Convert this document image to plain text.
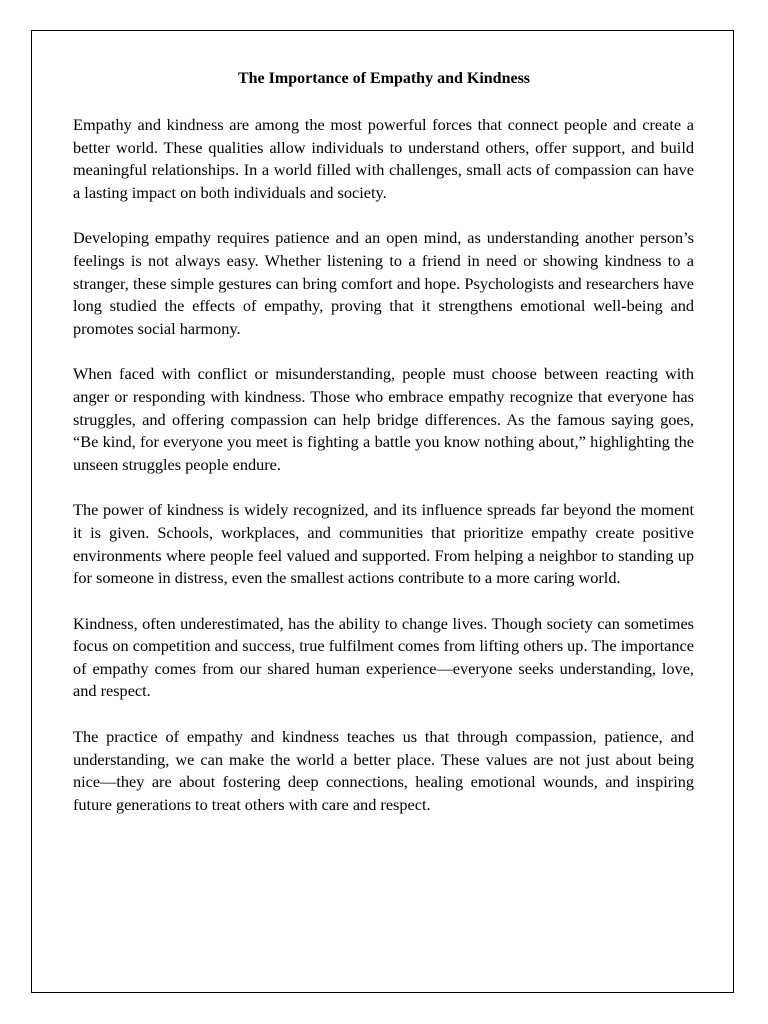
The Importance of Empathy and Kindness

Empathy and kindness are among the most powerful forces that connect people and create a better world. These qualities allow individuals to understand others, offer support, and build meaningful relationships. In a world filled with challenges, small acts of compassion can have a lasting impact on both individuals and society.

Developing empathy requires patience and an open mind, as understanding another person’s feelings is not always easy. Whether listening to a friend in need or showing kindness to a stranger, these simple gestures can bring comfort and hope. Psychologists and researchers have long studied the effects of empathy, proving that it strengthens emotional well-being and promotes social harmony.

When faced with conflict or misunderstanding, people must choose between reacting with anger or responding with kindness. Those who embrace empathy recognize that everyone has struggles, and offering compassion can help bridge differences. As the famous saying goes, “Be kind, for everyone you meet is fighting a battle you know nothing about,” highlighting the unseen struggles people endure.

The power of kindness is widely recognized, and its influence spreads far beyond the moment it is given. Schools, workplaces, and communities that prioritize empathy create positive environments where people feel valued and supported. From helping a neighbor to standing up for someone in distress, even the smallest actions contribute to a more caring world.

Kindness, often underestimated, has the ability to change lives. Though society can sometimes focus on competition and success, true fulfilment comes from lifting others up. The importance of empathy comes from our shared human experience—everyone seeks understanding, love, and respect.

The practice of empathy and kindness teaches us that through compassion, patience, and understanding, we can make the world a better place. These values are not just about being nice—they are about fostering deep connections, healing emotional wounds, and inspiring future generations to treat others with care and respect.
